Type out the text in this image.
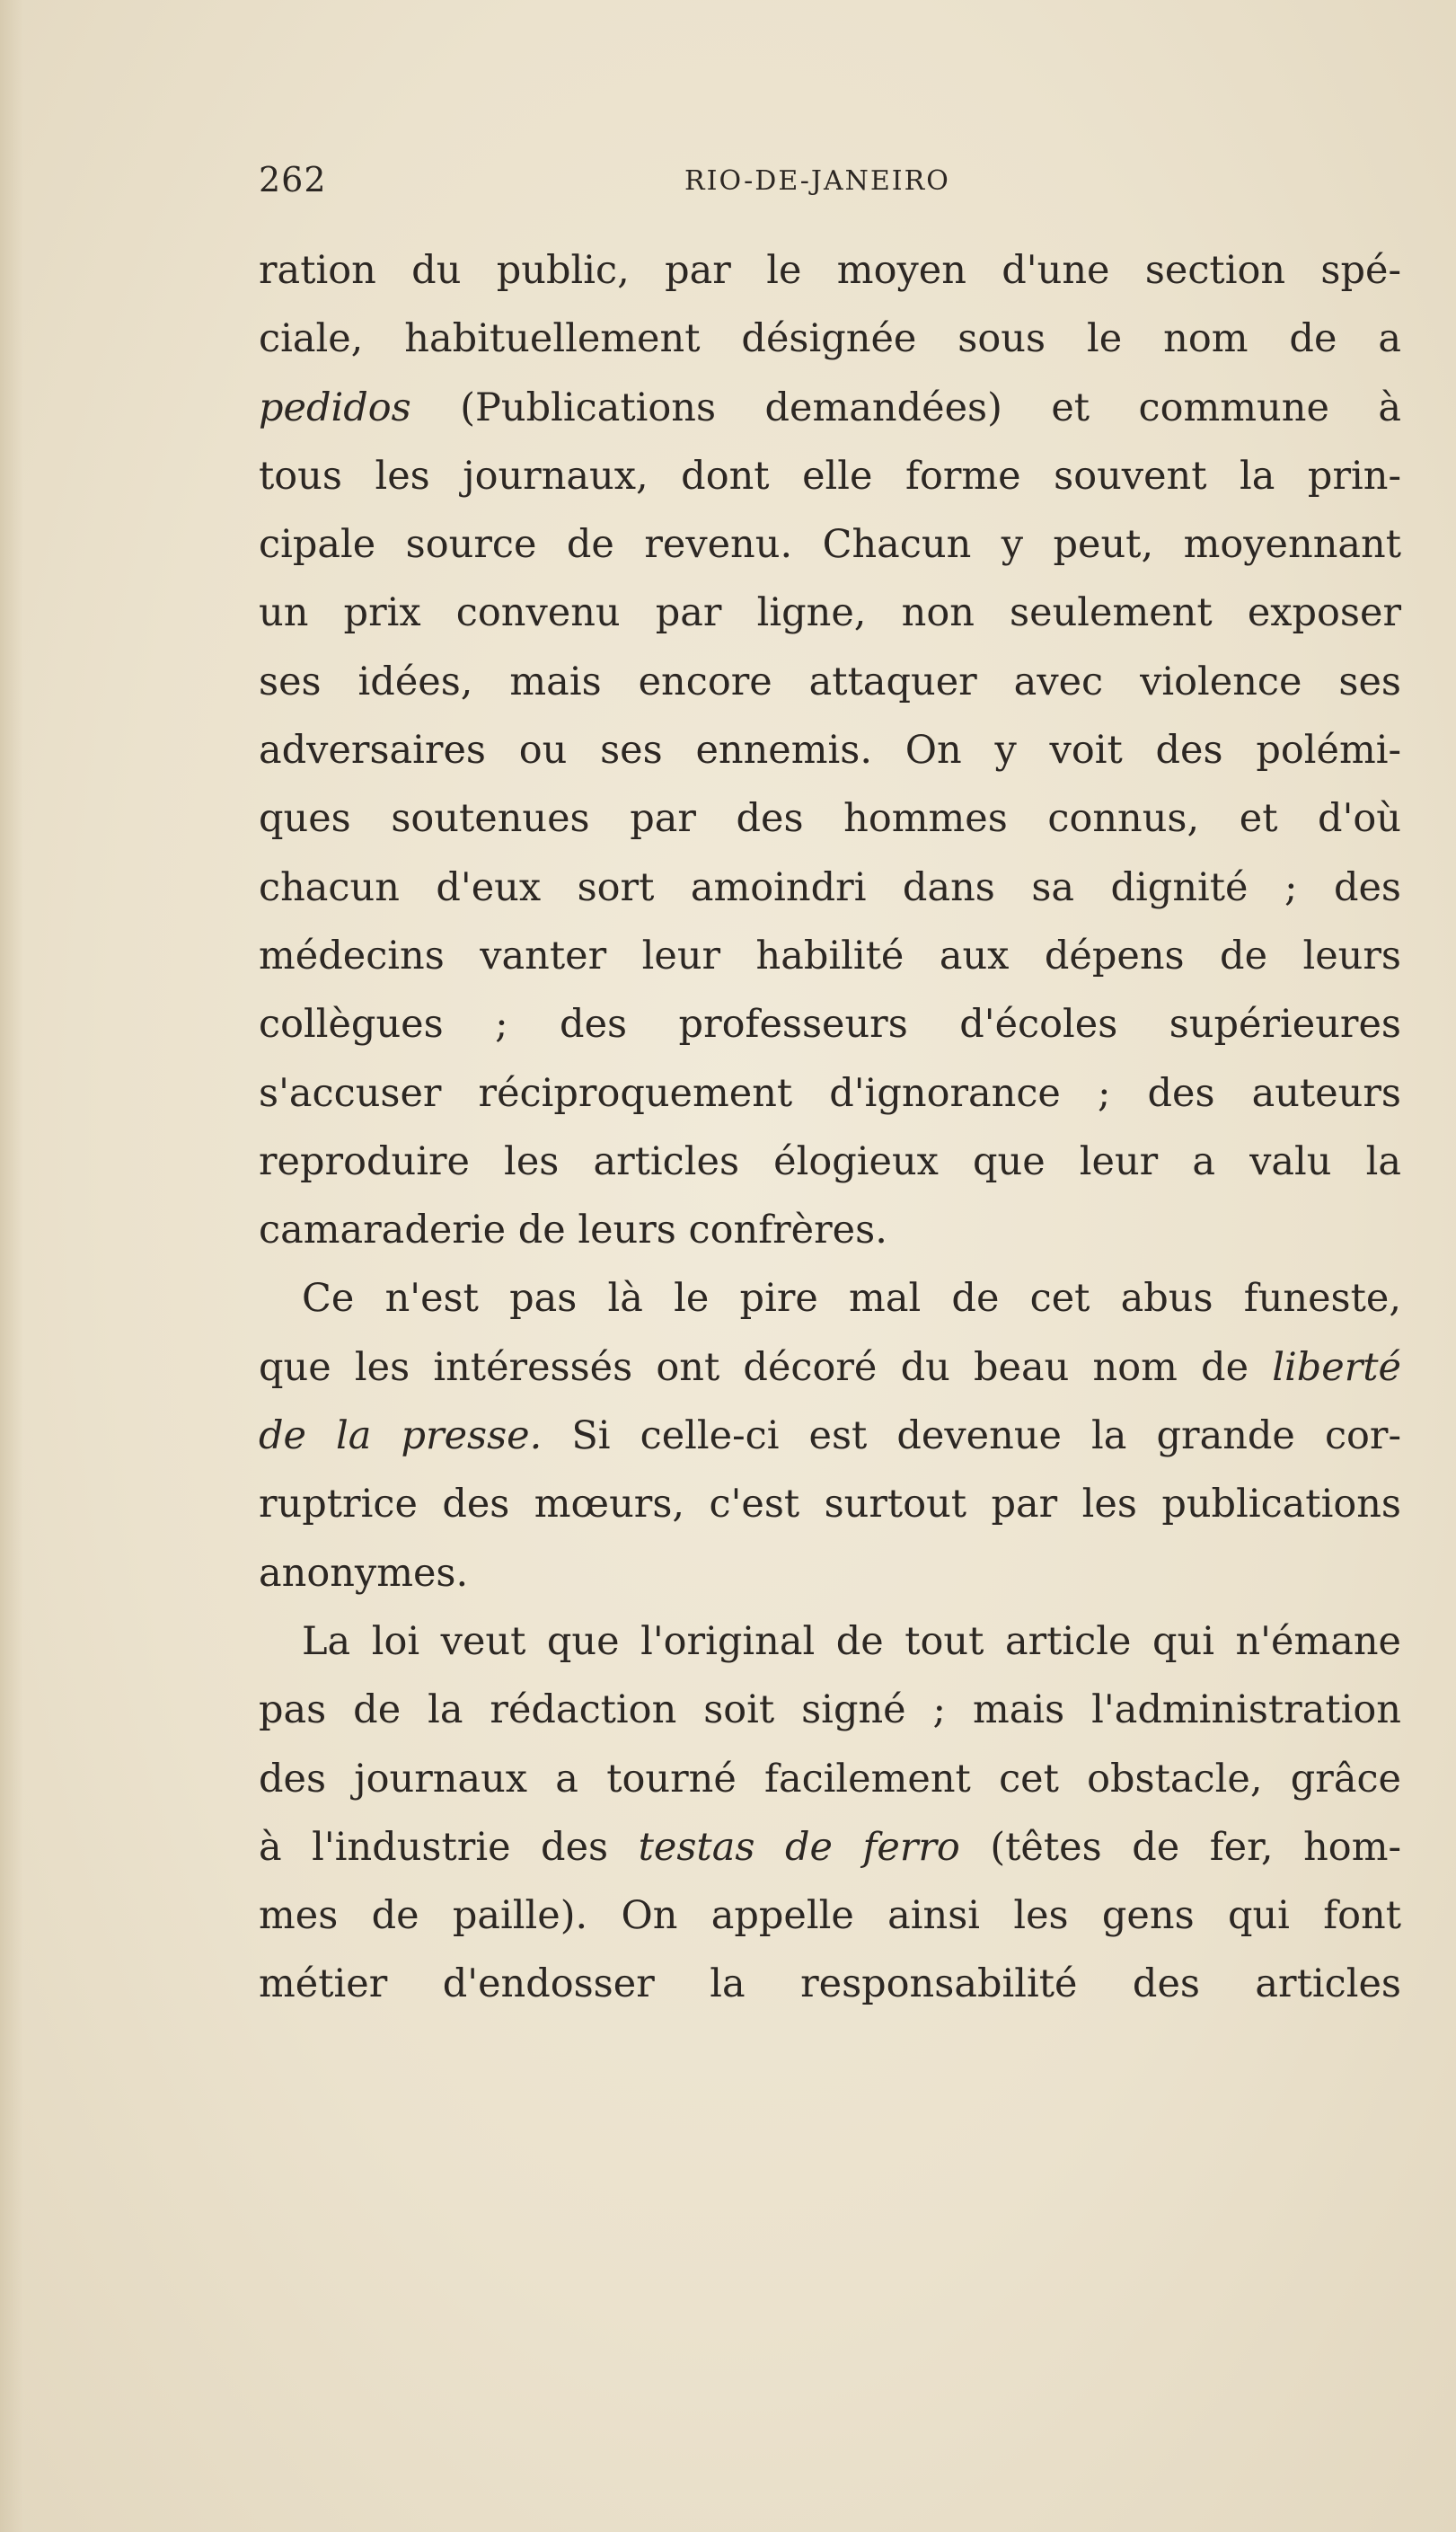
262	RIO-DE-JANEIRO
ration du public, par le moyen d'une section spé-
ciale, habituellement désignée sous le nom de a
pedidos (Publications demandées) et commune à
tous les journaux, dont elle forme souvent la prin-
cipale source de revenu. Chacun y peut, moyennant
un prix convenu par ligne, non seulement exposer
ses idées, mais encore attaquer avec violence ses
adversaires ou ses ennemis. On y voit des polémi-
ques soutenues par des hommes connus, et d'où
chacun d'eux sort amoindri dans sa dignité ; des
médecins vanter leur habilité aux dépens de leurs
collègues ; des professeurs d'écoles supérieures
s'accuser réciproquement d'ignorance ; des auteurs
reproduire les articles élogieux que leur a valu la
camaraderie de leurs confrères.
Ce n'est pas là le pire mal de cet abus funeste,
que les intéressés ont décoré du beau nom de liberté
de la presse. Si celle-ci est devenue la grande cor-
ruptrice des mœurs, c'est surtout par les publications
anonymes.
La loi veut que l'original de tout article qui n'émane
pas de la rédaction soit signé ; mais l'administration
des journaux a tourné facilement cet obstacle, grâce
à l'industrie des testas de ferro (têtes de fer, hom-
mes de paille). On appelle ainsi les gens qui font
métier d'endosser la responsabilité des articles
